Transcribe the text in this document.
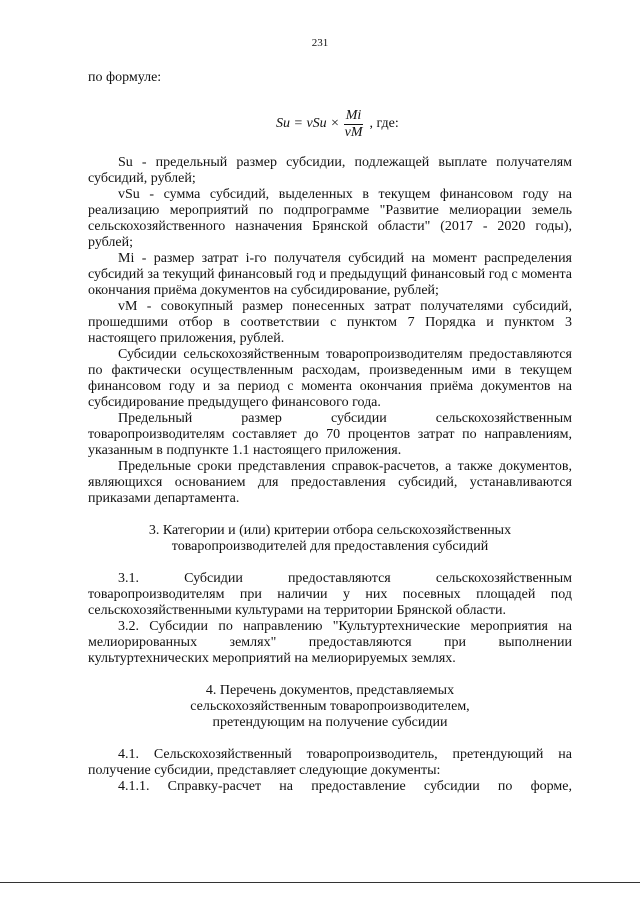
231
по формуле:
Su = vSu × $\frac{Mi}{vM}$ , где:

Su - предельный размер субсидии, подлежащей выплате получателям субсидий, рублей;

vSu - сумма субсидий, выделенных в текущем финансовом году на реализацию мероприятий по подпрограмме "Развитие мелиорации земель сельскохозяйственного назначения Брянской области" (2017 - 2020 годы), рублей;

Mi - размер затрат i-го получателя субсидий на момент распределения субсидий за текущий финансовый год и предыдущий финансовый год с момента окончания приёма документов на субсидирование, рублей;

vM - совокупный размер понесенных затрат получателями субсидий, прошедшими отбор в соответствии с пунктом 7 Порядка и пунктом 3 настоящего приложения, рублей.

Субсидии сельскохозяйственным товаропроизводителям предоставляются по фактически осуществленным расходам, произведенным ими в текущем финансовом году и за период с момента окончания приёма документов на субсидирование предыдущего финансового года.

Предельный размер субсидии сельскохозяйственным товаропроизводителям составляет до 70 процентов затрат по направлениям, указанным в подпункте 1.1 настоящего приложения.

Предельные сроки представления справок-расчетов, а также документов, являющихся основанием для предоставления субсидий, устанавливаются приказами департамента.

3. Категории и (или) критерии отбора сельскохозяйственных

товаропроизводителей для предоставления субсидий

3.1. Субсидии предоставляются сельскохозяйственным товаропроизводителям при наличии у них посевных площадей под сельскохозяйственными культурами на территории Брянской области.

3.2. Субсидии по направлению "Культуртехнические мероприятия на мелиорированных землях" предоставляются при выполнении культуртехнических мероприятий на мелиорируемых землях.

4. Перечень документов, представляемых

сельскохозяйственным товаропроизводителем,

претендующим на получение субсидии

4.1. Сельскохозяйственный товаропроизводитель, претендующий на получение субсидии, представляет следующие документы:

4.1.1. Справку-расчет на предоставление субсидии по форме,
